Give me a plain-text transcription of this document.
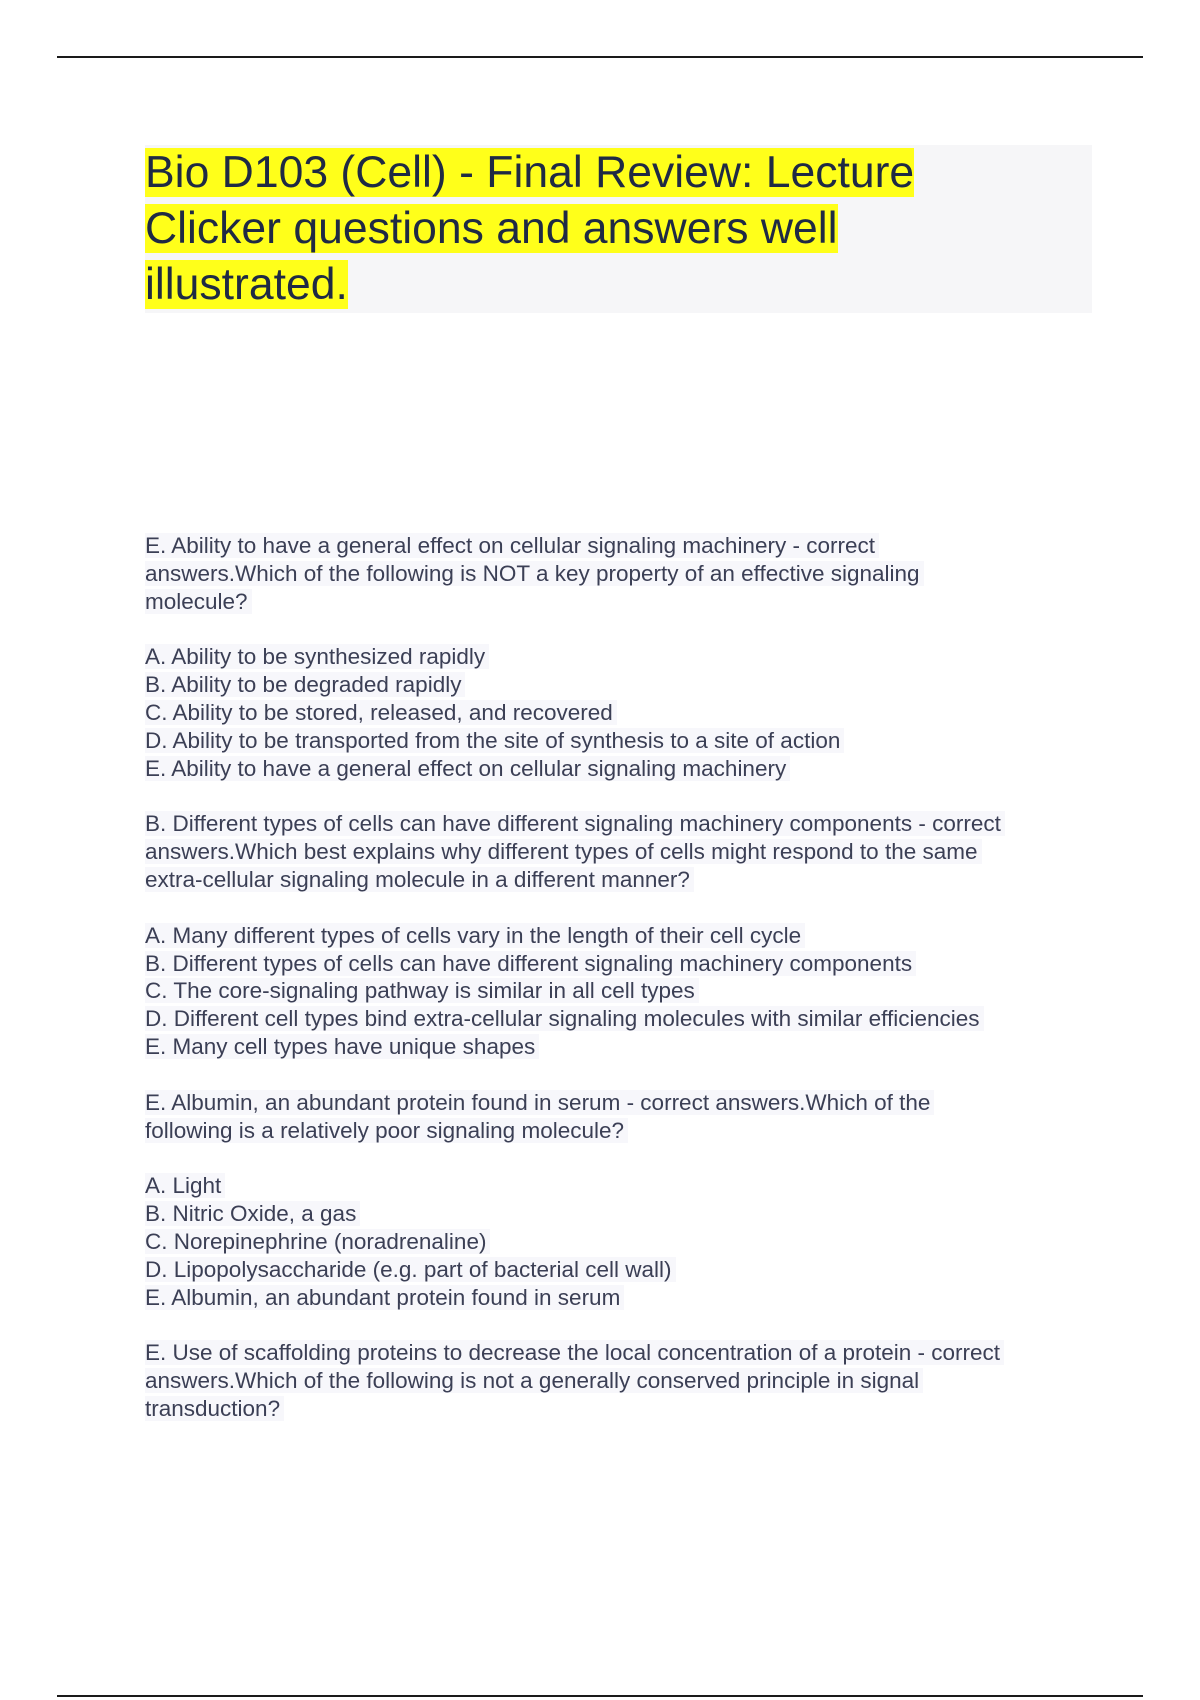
Bio D103 (Cell) - Final Review: Lecture
Clicker questions and answers well
illustrated.
E. Ability to have a general effect on cellular signaling machinery - correct
answers.Which of the following is NOT a key property of an effective signaling
molecule?
A. Ability to be synthesized rapidly
B. Ability to be degraded rapidly
C. Ability to be stored, released, and recovered
D. Ability to be transported from the site of synthesis to a site of action
E. Ability to have a general effect on cellular signaling machinery
B. Different types of cells can have different signaling machinery components - correct
answers.Which best explains why different types of cells might respond to the same
extra-cellular signaling molecule in a different manner?
A. Many different types of cells vary in the length of their cell cycle
B. Different types of cells can have different signaling machinery components
C. The core-signaling pathway is similar in all cell types
D. Different cell types bind extra-cellular signaling molecules with similar efficiencies
E. Many cell types have unique shapes
E. Albumin, an abundant protein found in serum - correct answers.Which of the
following is a relatively poor signaling molecule?
A. Light
B. Nitric Oxide, a gas
C. Norepinephrine (noradrenaline)
D. Lipopolysaccharide (e.g. part of bacterial cell wall)
E. Albumin, an abundant protein found in serum
E. Use of scaffolding proteins to decrease the local concentration of a protein - correct
answers.Which of the following is not a generally conserved principle in signal
transduction?
